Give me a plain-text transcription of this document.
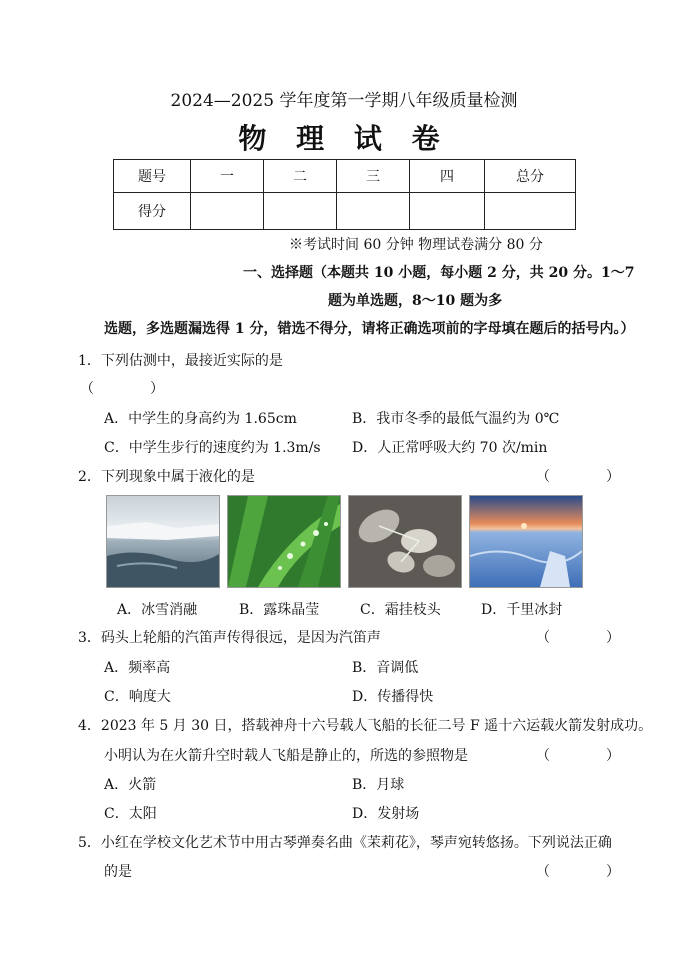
2024—2025 学年度第一学期八年级质量检测
物 理 试 卷
题号	一	二	三	四	总分
得分					
※考试时间 60 分钟 物理试卷满分 80 分
一、选择题（本题共 10 小题，每小题 2 分，共 20 分。1～7
题为单选题，8～10 题为多
选题，多选题漏选得 1 分，错选不得分，请将正确选项前的字母填在题后的括号内。）
1．下列估测中，最接近实际的是
（　　　　）
A．中学生的身高约为 1.65cm	B．我市冬季的最低气温约为 0℃
C．中学生步行的速度约为 1.3m/s D．人正常呼吸大约 70 次/min
2．下列现象中属于液化的是	（　　　　）
A．冰雪消融	B．露珠晶莹	C．霜挂枝头	D．千里冰封
3．码头上轮船的汽笛声传得很远，是因为汽笛声	（　　　　）
A．频率高	B．音调低
C．响度大	D．传播得快
4．2023 年 5 月 30 日，搭载神舟十六号载人飞船的长征二号 F 遥十六运载火箭发射成功。
小明认为在火箭升空时载人飞船是静止的，所选的参照物是	（　　　　）
A．火箭	B．月球
C．太阳	D．发射场
5．小红在学校文化艺术节中用古琴弹奏名曲《茉莉花》，琴声宛转悠扬。下列说法正确
的是	（　　　　）
